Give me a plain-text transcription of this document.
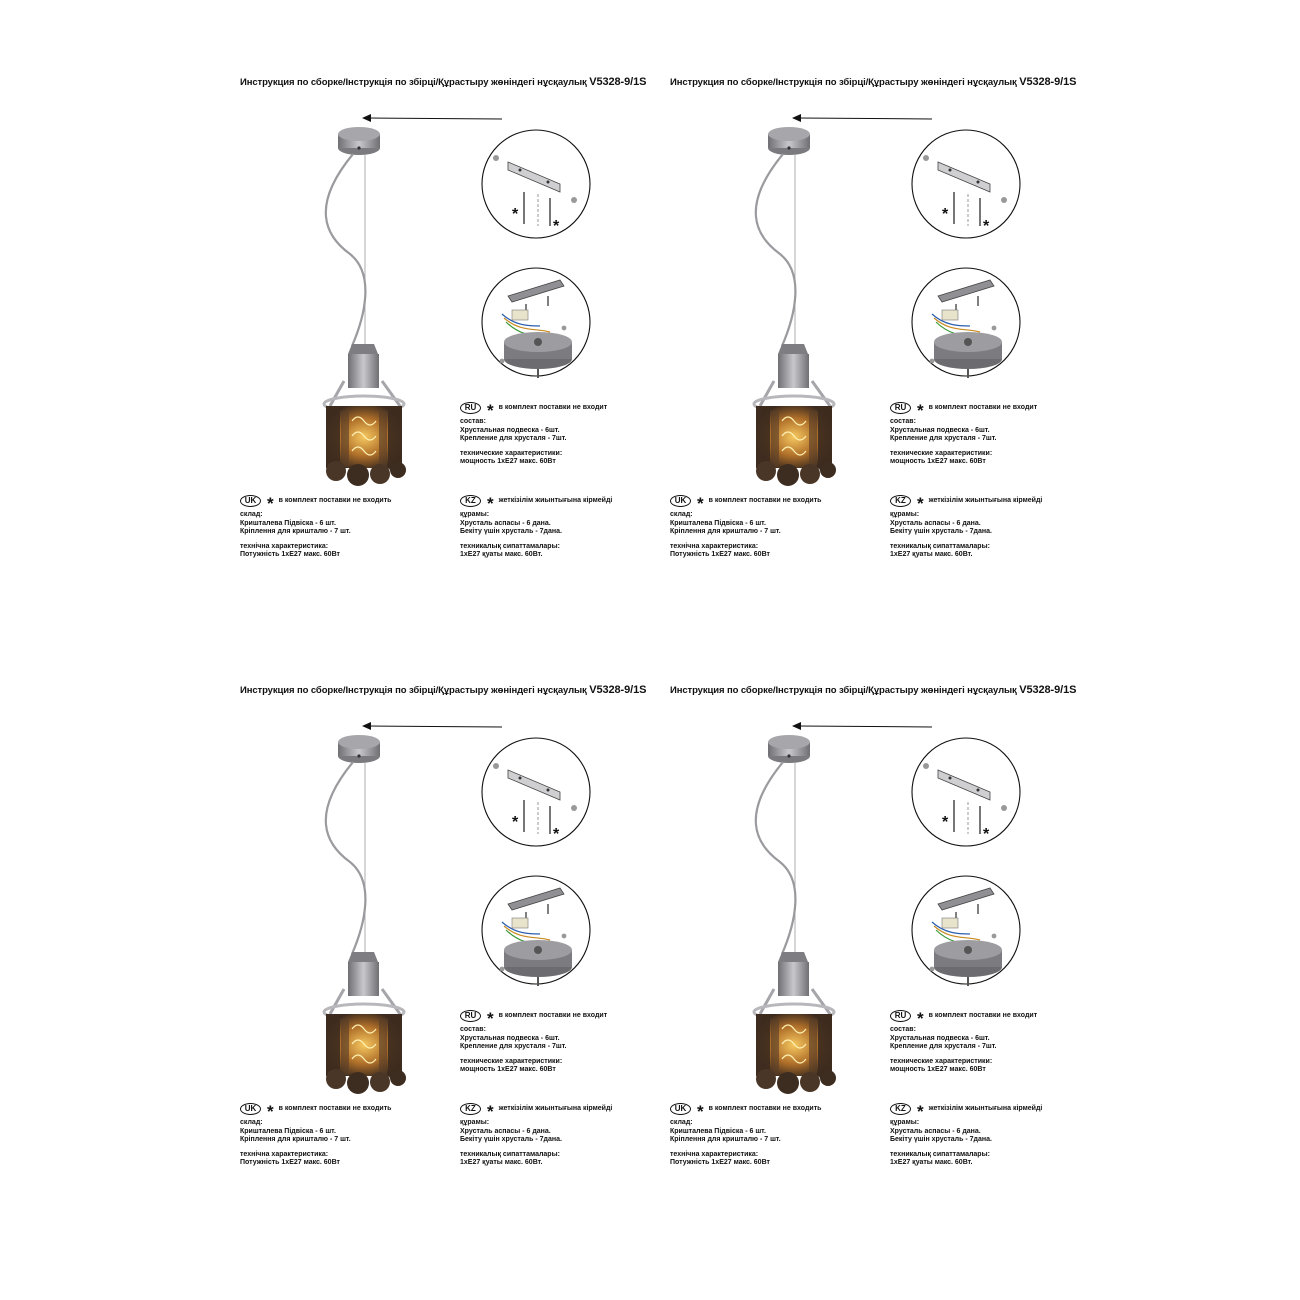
Инструкция по сборке/Інструкція по збірці/Құрастыру жөніндегі нұсқаулық V5328-9/1S
*
*
RU * в комплект поставки не входит
состав:
Хрустальная подвеска - 6шт.
Крепление для хрусталя - 7шт.
технические характеристики:
мощность 1хЕ27 макс. 60Вт
UK * в комплект поставки не входить
склад:
Кришталева Підвіска - 6 шт.
Кріплення для кришталю - 7 шт.
технічна характеристика:
Потужність 1хЕ27 макс. 60Вт
KZ * жеткізілім жиынтығына кірмейді
құрамы:
Хрусталь аспасы - 6 дана.
Бекіту үшін хрусталь - 7дана.
техникалық сипаттамалары:
1хЕ27 қуаты макс. 60Вт.
Инструкция по сборке/Інструкція по збірці/Құрастыру жөніндегі нұсқаулық V5328-9/1S
*
*
RU * в комплект поставки не входит
состав:
Хрустальная подвеска - 6шт.
Крепление для хрусталя - 7шт.
технические характеристики:
мощность 1хЕ27 макс. 60Вт
UK * в комплект поставки не входить
склад:
Кришталева Підвіска - 6 шт.
Кріплення для кришталю - 7 шт.
технічна характеристика:
Потужність 1хЕ27 макс. 60Вт
KZ * жеткізілім жиынтығына кірмейді
құрамы:
Хрусталь аспасы - 6 дана.
Бекіту үшін хрусталь - 7дана.
техникалық сипаттамалары:
1хЕ27 қуаты макс. 60Вт.
Инструкция по сборке/Інструкція по збірці/Құрастыру жөніндегі нұсқаулық V5328-9/1S
*
*
RU * в комплект поставки не входит
состав:
Хрустальная подвеска - 6шт.
Крепление для хрусталя - 7шт.
технические характеристики:
мощность 1хЕ27 макс. 60Вт
UK * в комплект поставки не входить
склад:
Кришталева Підвіска - 6 шт.
Кріплення для кришталю - 7 шт.
технічна характеристика:
Потужність 1хЕ27 макс. 60Вт
KZ * жеткізілім жиынтығына кірмейді
құрамы:
Хрусталь аспасы - 6 дана.
Бекіту үшін хрусталь - 7дана.
техникалық сипаттамалары:
1хЕ27 қуаты макс. 60Вт.
Инструкция по сборке/Інструкція по збірці/Құрастыру жөніндегі нұсқаулық V5328-9/1S
*
*
RU * в комплект поставки не входит
состав:
Хрустальная подвеска - 6шт.
Крепление для хрусталя - 7шт.
технические характеристики:
мощность 1хЕ27 макс. 60Вт
UK * в комплект поставки не входить
склад:
Кришталева Підвіска - 6 шт.
Кріплення для кришталю - 7 шт.
технічна характеристика:
Потужність 1хЕ27 макс. 60Вт
KZ * жеткізілім жиынтығына кірмейді
құрамы:
Хрусталь аспасы - 6 дана.
Бекіту үшін хрусталь - 7дана.
техникалық сипаттамалары:
1хЕ27 қуаты макс. 60Вт.
